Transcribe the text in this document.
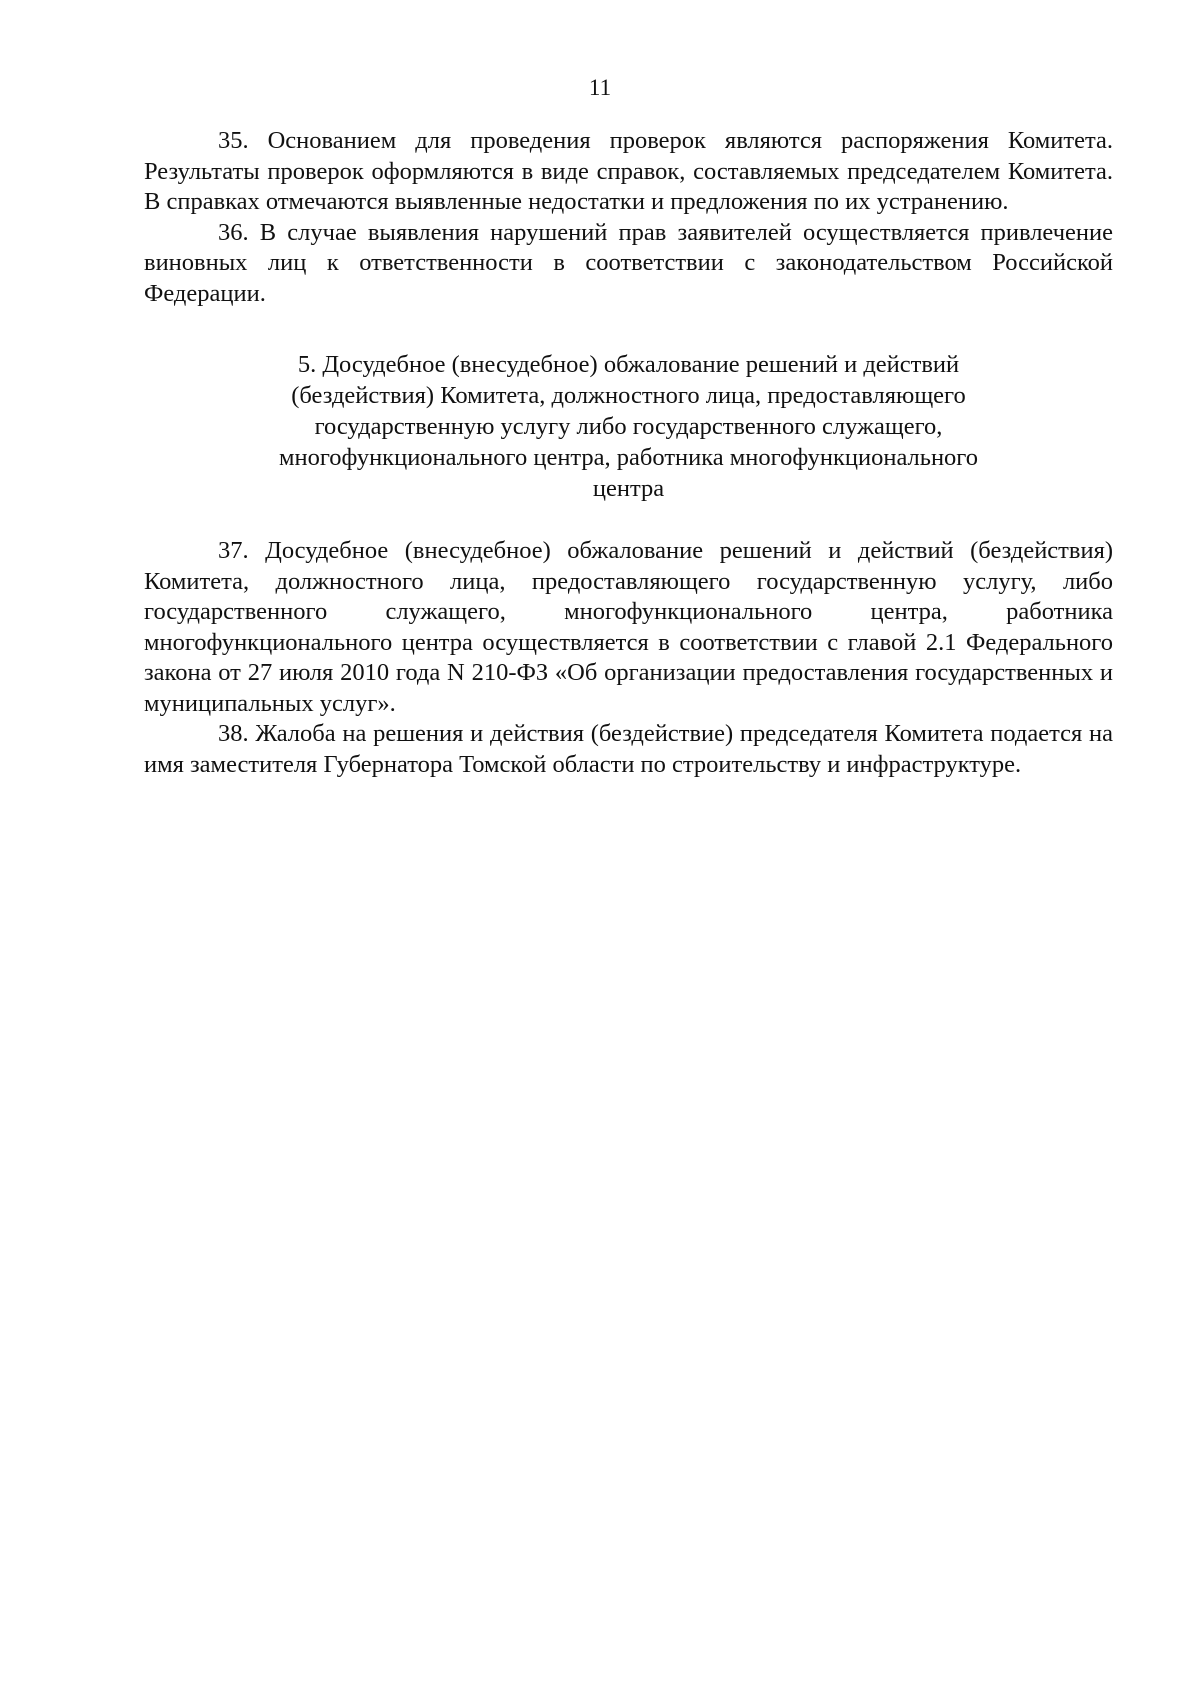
11

35. Основанием для проведения проверок являются распоряжения Комитета. Результаты проверок оформляются в виде справок, составляемых председателем Комитета. В справках отмечаются выявленные недостатки и предложения по их устранению.

36. В случае выявления нарушений прав заявителей осуществляется привлечение виновных лиц к ответственности в соответствии с законодательством Российской Федерации.

5. Досудебное (внесудебное) обжалование решений и действий (бездействия) Комитета, должностного лица, предоставляющего государственную услугу либо государственного служащего, многофункционального центра, работника многофункционального центра

37. Досудебное (внесудебное) обжалование решений и действий (бездействия) Комитета, должностного лица, предоставляющего государственную услугу, либо государственного служащего, многофункционального центра, работника многофункционального центра осуществляется в соответствии с главой 2.1 Федерального закона от 27 июля 2010 года N 210-ФЗ «Об организации предоставления государственных и муниципальных услуг».

38. Жалоба на решения и действия (бездействие) председателя Комитета подается на имя заместителя Губернатора Томской области по строительству и инфраструктуре.
